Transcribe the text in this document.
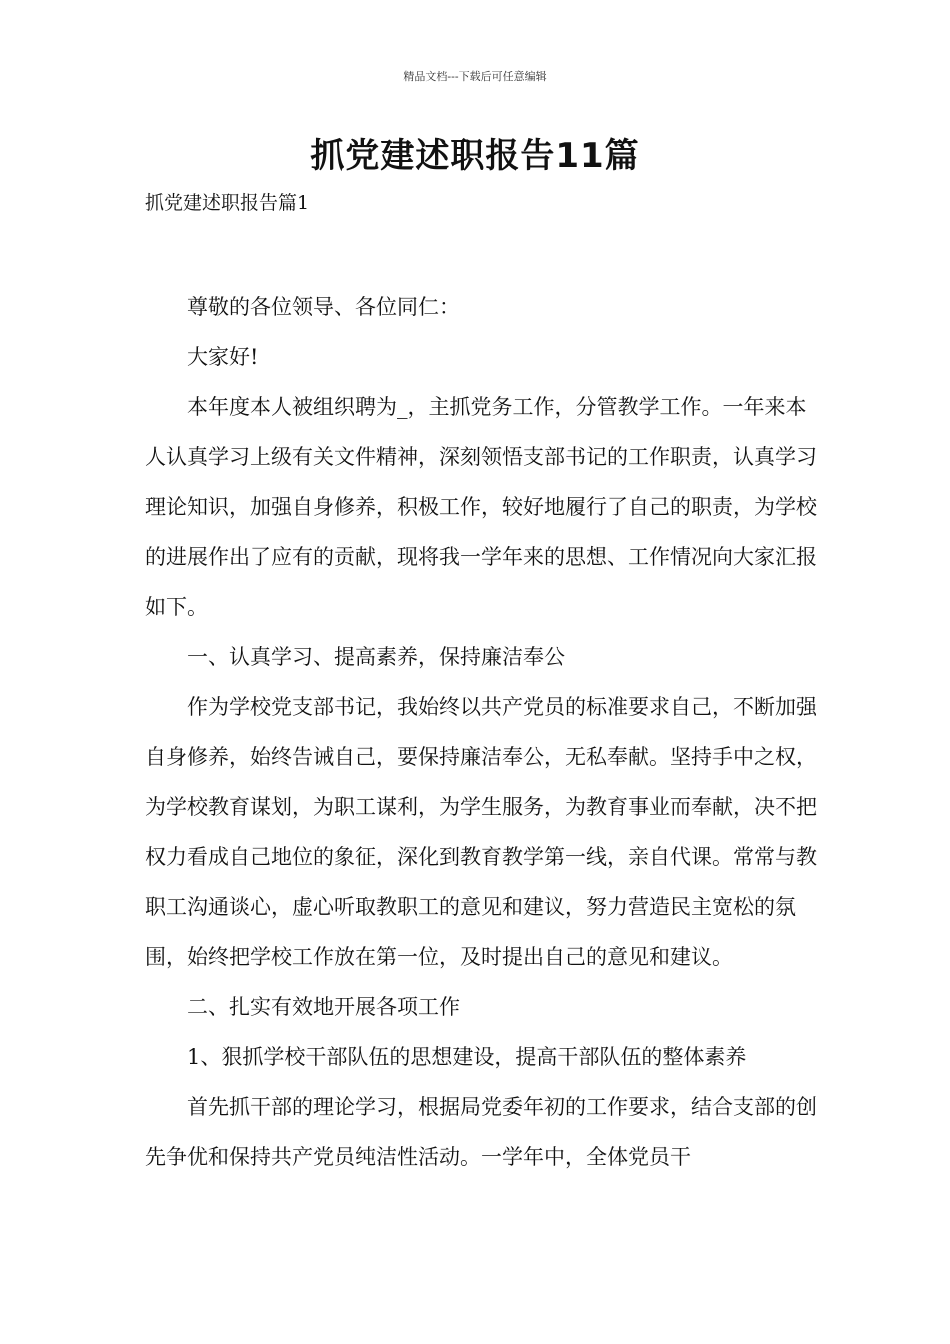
精品文档---下载后可任意编辑
抓党建述职报告11篇
抓党建述职报告篇1

尊敬的各位领导、各位同仁：

大家好!

本年度本人被组织聘为_，主抓党务工作，分管教学工作。一年来本人认真学习上级有关文件精神，深刻领悟支部书记的工作职责，认真学习理论知识，加强自身修养，积极工作，较好地履行了自己的职责，为学校的进展作出了应有的贡献，现将我一学年来的思想、工作情况向大家汇报如下。

一、认真学习、提高素养，保持廉洁奉公

作为学校党支部书记，我始终以共产党员的标准要求自己，不断加强自身修养，始终告诫自己，要保持廉洁奉公，无私奉献。坚持手中之权，为学校教育谋划，为职工谋利，为学生服务，为教育事业而奉献，决不把权力看成自己地位的象征，深化到教育教学第一线，亲自代课。常常与教职工沟通谈心，虚心听取教职工的意见和建议，努力营造民主宽松的氛围，始终把学校工作放在第一位，及时提出自己的意见和建议。

二、扎实有效地开展各项工作

1、狠抓学校干部队伍的思想建设，提高干部队伍的整体素养

首先抓干部的理论学习，根据局党委年初的工作要求，结合支部的创先争优和保持共产党员纯洁性活动。一学年中，全体党员干
